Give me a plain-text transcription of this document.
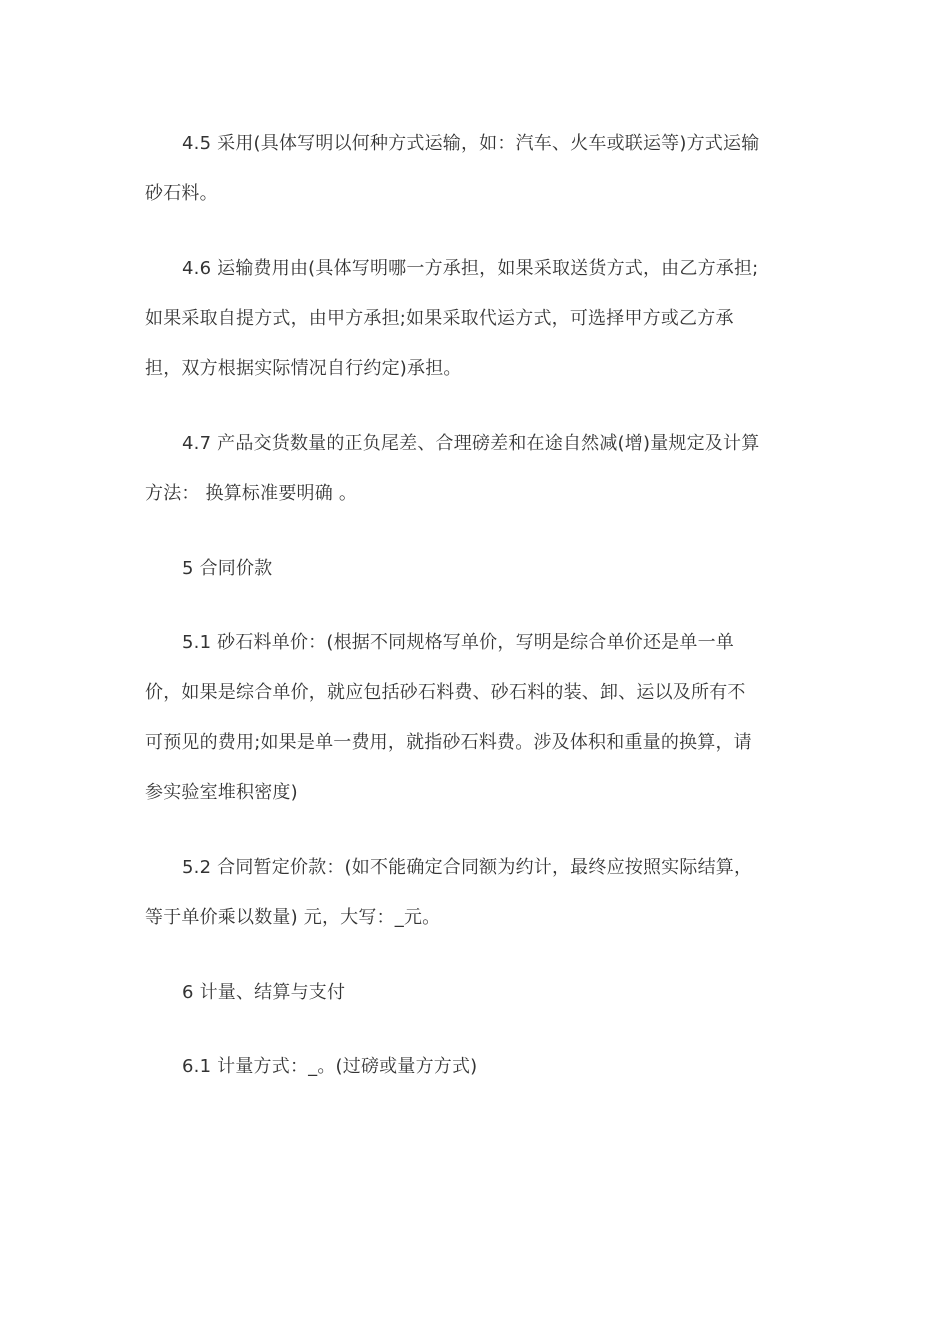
4.5 采用(具体写明以何种方式运输，如：汽车、火车或联运等)方式运输
砂石料。
4.6 运输费用由(具体写明哪一方承担，如果采取送货方式，由乙方承担;
如果采取自提方式，由甲方承担;如果采取代运方式，可选择甲方或乙方承
担，双方根据实际情况自行约定)承担。
4.7 产品交货数量的正负尾差、合理磅差和在途自然减(增)量规定及计算
方法： 换算标准要明确 。
5 合同价款
5.1 砂石料单价：(根据不同规格写单价，写明是综合单价还是单一单
价，如果是综合单价，就应包括砂石料费、砂石料的装、卸、运以及所有不
可预见的费用;如果是单一费用，就指砂石料费。涉及体积和重量的换算，请
参实验室堆积密度)
5.2 合同暂定价款：(如不能确定合同额为约计，最终应按照实际结算，
等于单价乘以数量) 元，大写：_元。
6 计量、结算与支付
6.1 计量方式：_。(过磅或量方方式)
